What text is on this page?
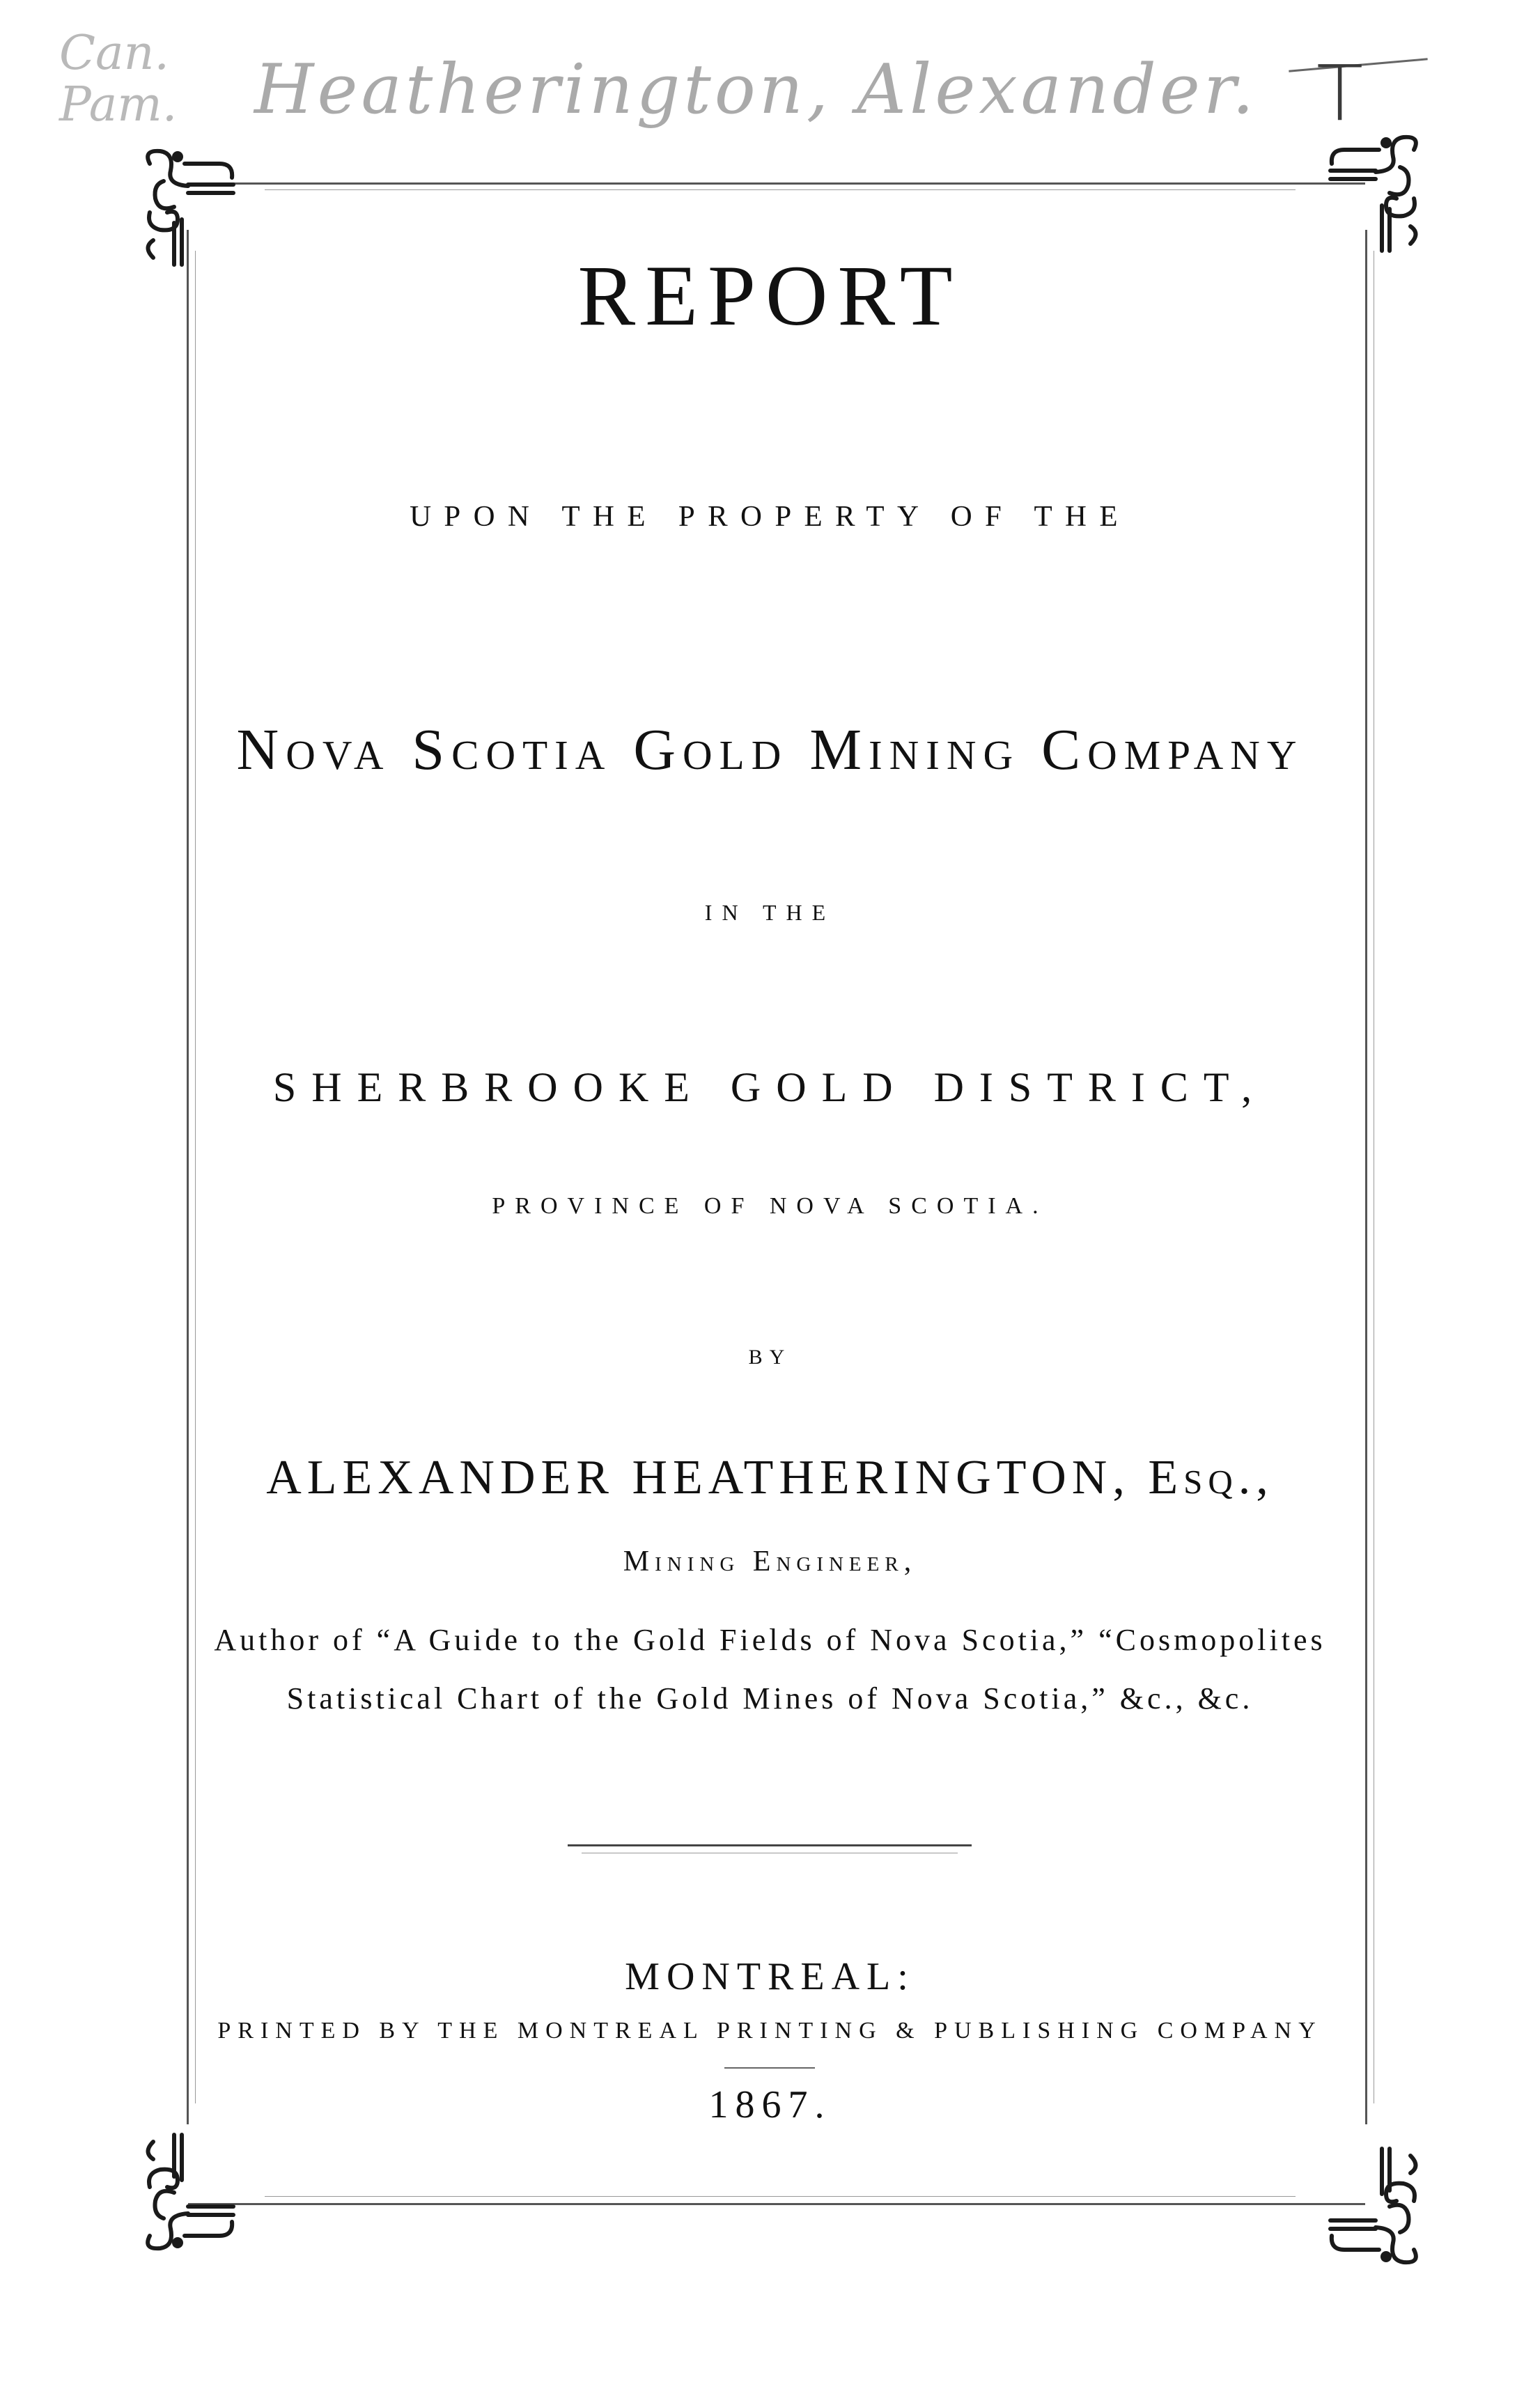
Can.
Pam. Heatherington, Alexander. T
REPORT
UPON THE PROPERTY OF THE
Nova Scotia Gold Mining Company
IN THE
SHERBROOKE GOLD DISTRICT,
PROVINCE OF NOVA SCOTIA.
BY
ALEXANDER HEATHERINGTON, Esq.,
Mining Engineer,
Author of “A Guide to the Gold Fields of Nova Scotia,” “Cosmopolites
Statistical Chart of the Gold Mines of Nova Scotia,” &c., &c.
MONTREAL:
PRINTED BY THE MONTREAL PRINTING & PUBLISHING COMPANY
1867.
